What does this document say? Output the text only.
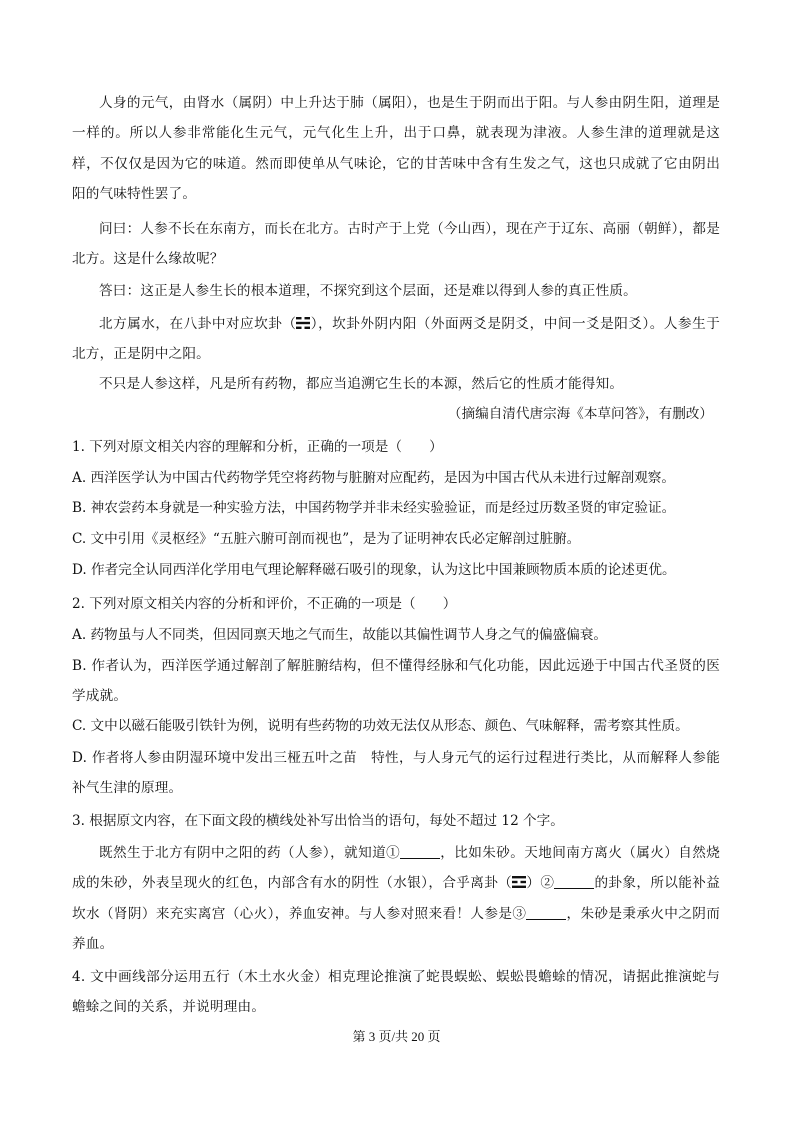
人身的元气，由肾水（属阴）中上升达于肺（属阳），也是生于阴而出于阳。与人参由阴生阳，道理是一样的。所以人参非常能化生元气，元气化生上升，出于口鼻，就表现为津液。人参生津的道理就是这样，不仅仅是因为它的味道。然而即使单从气味论，它的甘苦味中含有生发之气，这也只成就了它由阴出阳的气味特性罢了。
问曰：人参不长在东南方，而长在北方。古时产于上党（今山西），现在产于辽东、高丽（朝鲜），都是北方。这是什么缘故呢？
答曰：这正是人参生长的根本道理，不探究到这个层面，还是难以得到人参的真正性质。
北方属水，在八卦中对应坎卦（ ），坎卦外阴内阳（外面两爻是阴爻，中间一爻是阳爻）。人参生于北方，正是阴中之阳。
不只是人参这样，凡是所有药物，都应当追溯它生长的本源，然后它的性质才能得知。
（摘编自清代唐宗海《本草问答》，有删改）
1. 下列对原文相关内容的理解和分析，正确的一项是（　　）
A. 西洋医学认为中国古代药物学凭空将药物与脏腑对应配药，是因为中国古代从未进行过解剖观察。
B. 神农尝药本身就是一种实验方法，中国药物学并非未经实验验证，而是经过历数圣贤的审定验证。
C. 文中引用《灵枢经》“五脏六腑可剖而视也”，是为了证明神农氏必定解剖过脏腑。
D. 作者完全认同西洋化学用电气理论解释磁石吸引的现象，认为这比中国兼顾物质本质的论述更优。
2. 下列对原文相关内容的分析和评价，不正确的一项是（　　）
A. 药物虽与人不同类，但因同禀天地之气而生，故能以其偏性调节人身之气的偏盛偏衰。
B. 作者认为，西洋医学通过解剖了解脏腑结构，但不懂得经脉和气化功能，因此远逊于中国古代圣贤的医学成就。
C. 文中以磁石能吸引铁针为例，说明有些药物的功效无法仅从形态、颜色、气味解释，需考察其性质。
D. 作者将人参由阴湿环境中发出三桠五叶之苗　特性，与人身元气的运行过程进行类比，从而解释人参能补气生津的原理。
3. 根据原文内容，在下面文段的横线处补写出恰当的语句，每处不超过 12 个字。
既然生于北方有阴中之阳的药（人参），就知道①	，比如朱砂。天地间南方离火（属火）自然烧成的朱砂，外表呈现火的红色，内部含有水的阴性（水银），合乎离卦（ ）②	的卦象，所以能补益坎水（肾阴）来充实离宫（心火），养血安神。与人参对照来看！人参是③	，朱砂是秉承火中之阴而养血。
4. 文中画线部分运用五行（木土水火金）相克理论推演了蛇畏蜈蚣、蜈蚣畏蟾蜍的情况，请据此推演蛇与蟾蜍之间的关系，并说明理由。
第 3 页/共 20 页
